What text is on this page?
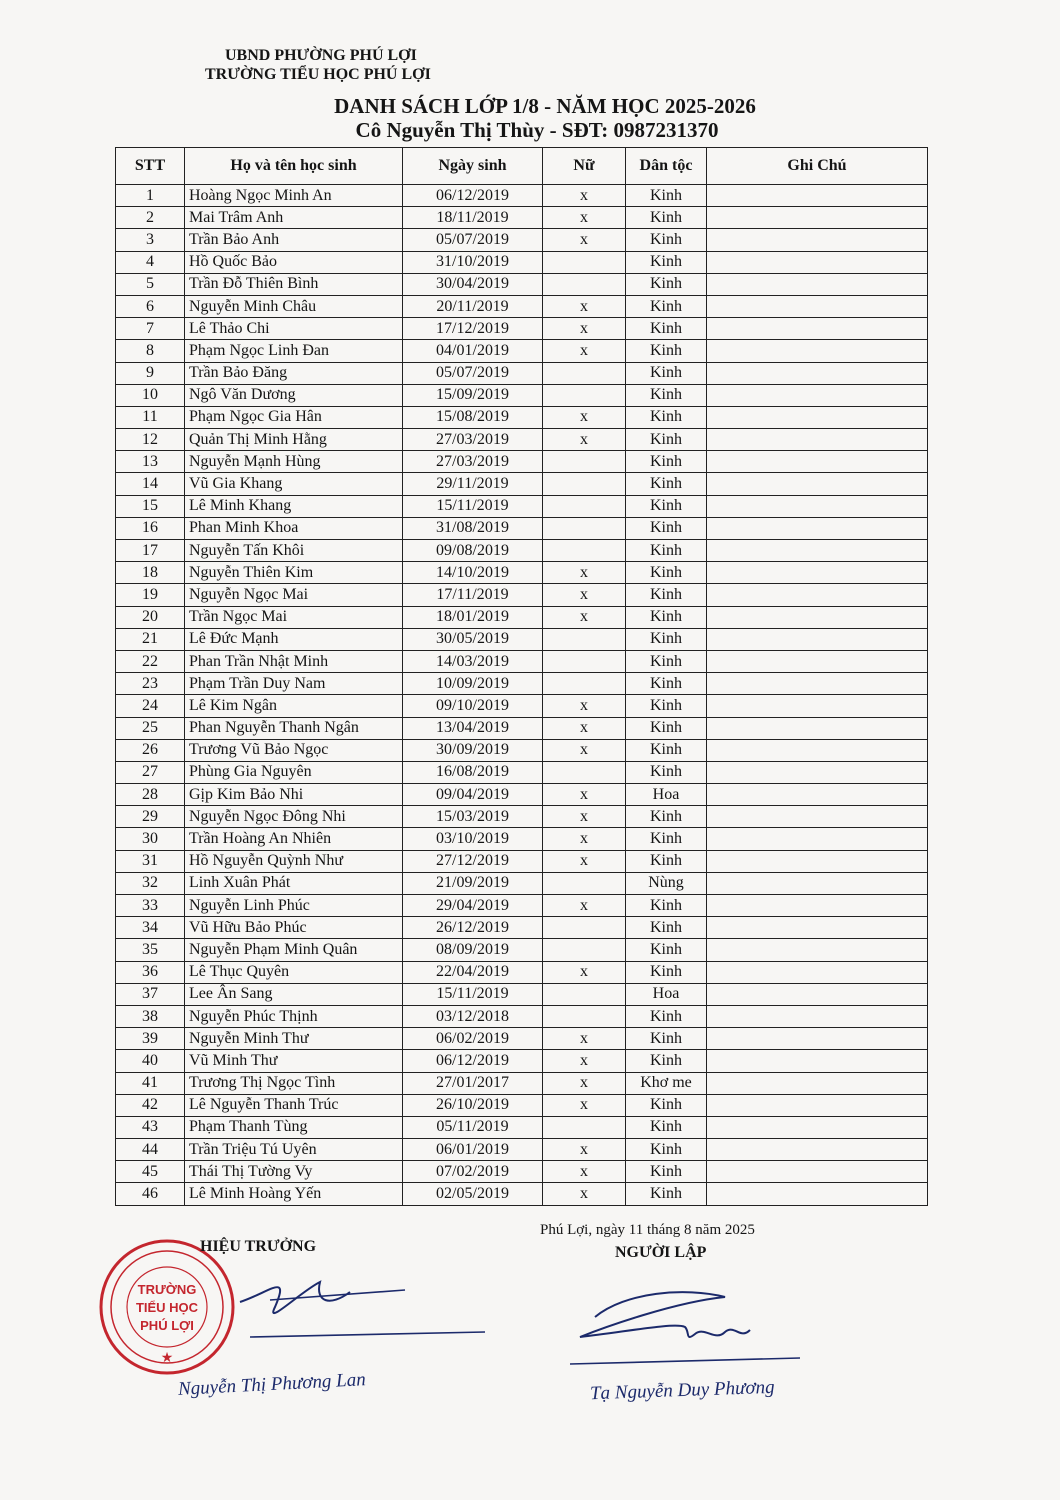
UBND PHƯỜNG PHÚ LỢI
TRƯỜNG TIỂU HỌC PHÚ LỢI
DANH SÁCH LỚP 1/8 - NĂM HỌC 2025-2026
Cô Nguyễn Thị Thùy - SĐT: 0987231370
STT	Họ và tên học sinh	Ngày sinh	Nữ	Dân tộc	Ghi Chú
1	Hoàng Ngọc Minh An	06/12/2019	x	Kinh	
2	Mai Trâm Anh	18/11/2019	x	Kinh	
3	Trần Bảo Anh	05/07/2019	x	Kinh	
4	Hồ Quốc Bảo	31/10/2019		Kinh	
5	Trần Đỗ Thiên Bình	30/04/2019		Kinh	
6	Nguyễn Minh Châu	20/11/2019	x	Kinh	
7	Lê Thảo Chi	17/12/2019	x	Kinh	
8	Phạm Ngọc Linh Đan	04/01/2019	x	Kinh	
9	Trần Bảo Đăng	05/07/2019		Kinh	
10	Ngô Văn Dương	15/09/2019		Kinh	
11	Phạm Ngọc Gia Hân	15/08/2019	x	Kinh	
12	Quản Thị Minh Hằng	27/03/2019	x	Kinh	
13	Nguyễn Mạnh Hùng	27/03/2019		Kinh	
14	Vũ Gia Khang	29/11/2019		Kinh	
15	Lê Minh Khang	15/11/2019		Kinh	
16	Phan Minh Khoa	31/08/2019		Kinh	
17	Nguyễn Tấn Khôi	09/08/2019		Kinh	
18	Nguyễn Thiên Kim	14/10/2019	x	Kinh	
19	Nguyễn Ngọc Mai	17/11/2019	x	Kinh	
20	Trần Ngọc Mai	18/01/2019	x	Kinh	
21	Lê Đức Mạnh	30/05/2019		Kinh	
22	Phan Trần Nhật Minh	14/03/2019		Kinh	
23	Phạm Trần Duy Nam	10/09/2019		Kinh	
24	Lê Kim Ngân	09/10/2019	x	Kinh	
25	Phan Nguyễn Thanh Ngân	13/04/2019	x	Kinh	
26	Trương Vũ Bảo Ngọc	30/09/2019	x	Kinh	
27	Phùng Gia Nguyên	16/08/2019		Kinh	
28	Gịp Kim Bảo Nhi	09/04/2019	x	Hoa	
29	Nguyễn Ngọc Đông Nhi	15/03/2019	x	Kinh	
30	Trần Hoàng An Nhiên	03/10/2019	x	Kinh	
31	Hồ Nguyễn Quỳnh Như	27/12/2019	x	Kinh	
32	Linh Xuân Phát	21/09/2019		Nùng	
33	Nguyễn Linh Phúc	29/04/2019	x	Kinh	
34	Vũ Hữu Bảo Phúc	26/12/2019		Kinh	
35	Nguyễn Phạm Minh Quân	08/09/2019		Kinh	
36	Lê Thục Quyên	22/04/2019	x	Kinh	
37	Lee Ân Sang	15/11/2019		Hoa	
38	Nguyễn Phúc Thịnh	03/12/2018		Kinh	
39	Nguyễn Minh Thư	06/02/2019	x	Kinh	
40	Vũ Minh Thư	06/12/2019	x	Kinh	
41	Trương Thị Ngọc Tình	27/01/2017	x	Khơ me	
42	Lê Nguyễn Thanh Trúc	26/10/2019	x	Kinh	
43	Phạm Thanh Tùng	05/11/2019		Kinh	
44	Trần Triệu Tú Uyên	06/01/2019	x	Kinh	
45	Thái Thị Tường Vy	07/02/2019	x	Kinh	
46	Lê Minh Hoàng Yến	02/05/2019	x	Kinh	
TRƯỜNG
TIỂU HỌC
PHÚ LỢI
★
HIỆU TRƯỞNG
Nguyễn Thị Phương Lan
Phú Lợi, ngày 11 tháng 8 năm 2025
NGƯỜI LẬP
Tạ Nguyễn Duy Phương
